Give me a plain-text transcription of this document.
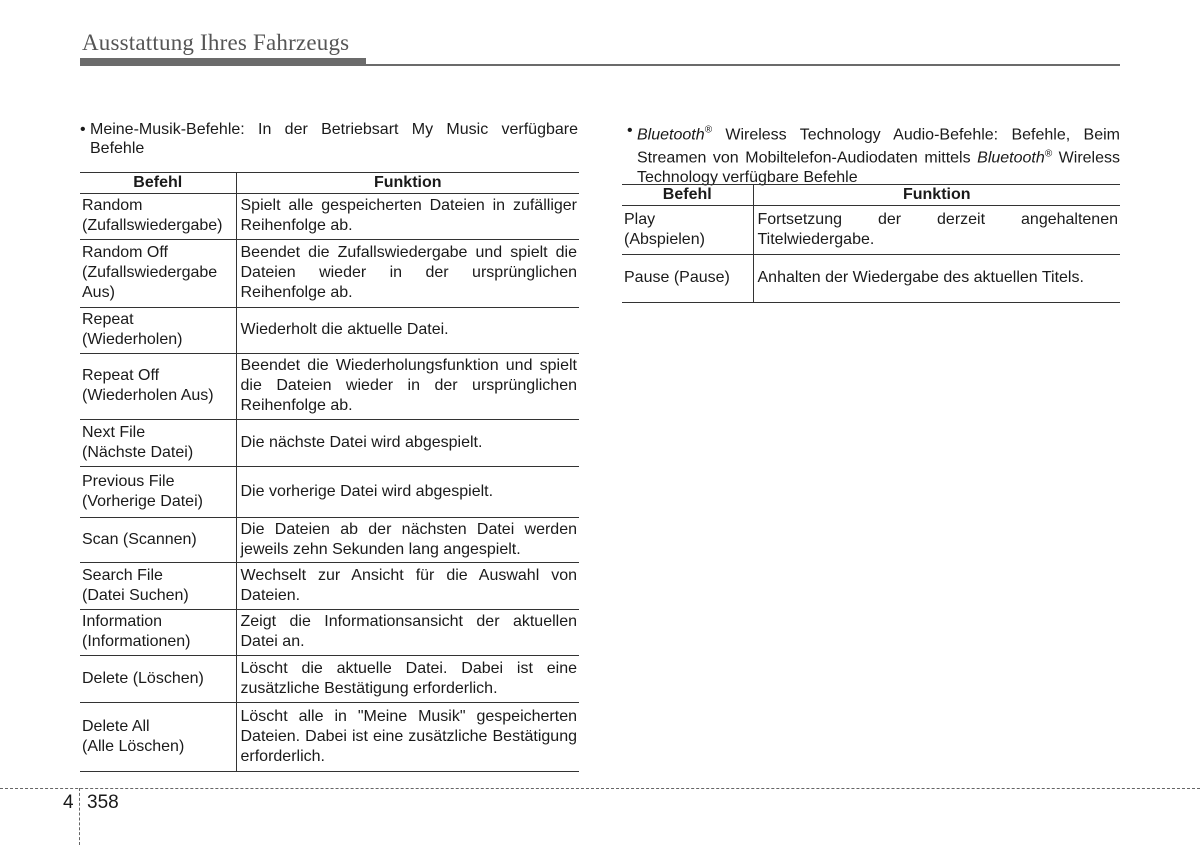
Ausstattung Ihres Fahrzeugs
• Meine-Musik-Befehle: In der Betriebsart My Music verfügbare Befehle
Befehl	Funktion

Random
(Zufallswiedergabe)	Spielt alle gespeicherten Dateien in zufälliger Reihenfolge ab.

Random Off
(Zufallswiedergabe
Aus)	Beendet die Zufallswiedergabe und spielt die Dateien wieder in der ursprünglichen Reihenfolge ab.

Repeat
(Wiederholen)	Wiederholt die aktuelle Datei.

Repeat Off
(Wiederholen Aus)	Beendet die Wiederholungsfunktion und spielt die Dateien wieder in der ursprünglichen Reihenfolge ab.

Next File
(Nächste Datei)	Die nächste Datei wird abgespielt.

Previous File
(Vorherige Datei)	Die vorherige Datei wird abgespielt.

Scan (Scannen)	Die Dateien ab der nächsten Datei werden jeweils zehn Sekunden lang angespielt.

Search File
(Datei Suchen)	Wechselt zur Ansicht für die Auswahl von Dateien.

Information
(Informationen)	Zeigt die Informationsansicht der aktuellen Datei an.

Delete (Löschen)	Löscht die aktuelle Datei. Dabei ist eine zusätzliche Bestätigung erforderlich.

Delete All
(Alle Löschen)	Löscht alle in "Meine Musik" gespeicherten Dateien. Dabei ist eine zusätzliche Bestätigung erforderlich.
• Bluetooth® Wireless Technology Audio-Befehle: Befehle, Beim Streamen von Mobiltelefon-Audiodaten mittels Bluetooth® Wireless Technology verfügbare Befehle
Befehl	Funktion

Play
(Abspielen)	Fortsetzung der derzeit angehaltenen Titelwiedergabe.

Pause (Pause)	Anhalten der Wiedergabe des aktuellen Titels.
4 358
